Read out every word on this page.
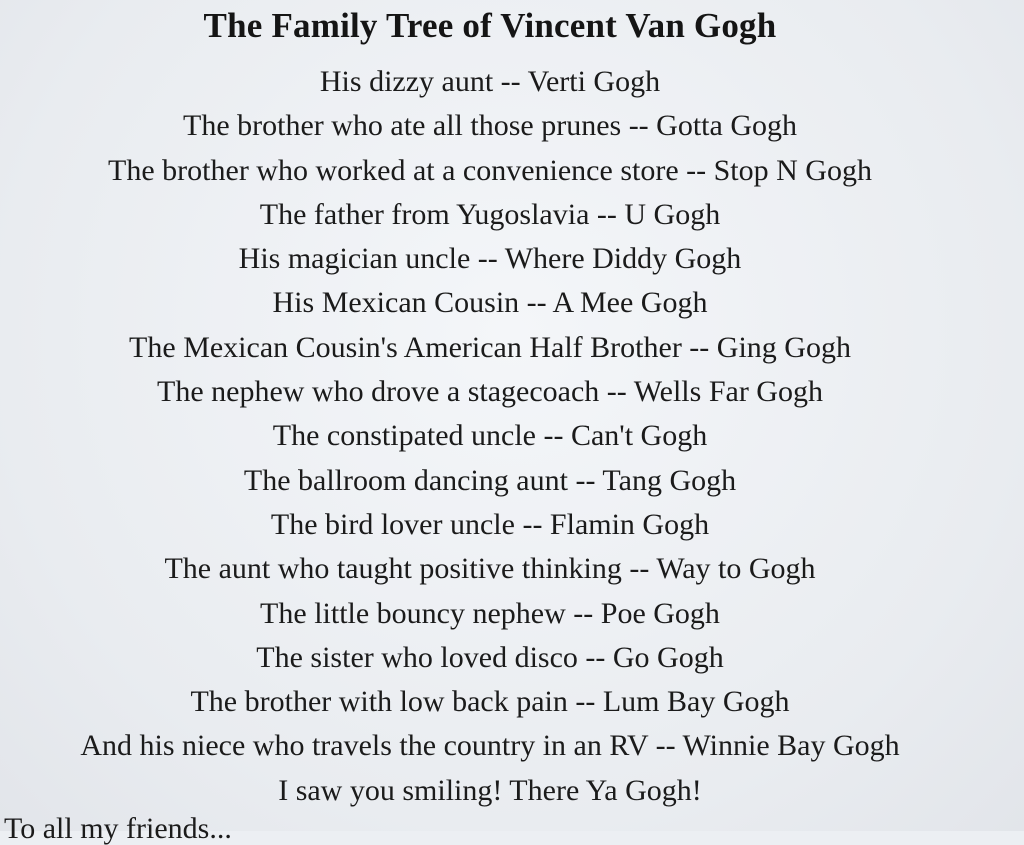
The Family Tree of Vincent Van Gogh
His dizzy aunt -- Verti Gogh
The brother who ate all those prunes -- Gotta Gogh
The brother who worked at a convenience store -- Stop N Gogh
The father from Yugoslavia -- U Gogh
His magician uncle -- Where Diddy Gogh
His Mexican Cousin -- A Mee Gogh
The Mexican Cousin's American Half Brother -- Ging Gogh
The nephew who drove a stagecoach -- Wells Far Gogh
The constipated uncle -- Can't Gogh
The ballroom dancing aunt -- Tang Gogh
The bird lover uncle -- Flamin Gogh
The aunt who taught positive thinking -- Way to Gogh
The little bouncy nephew -- Poe Gogh
The sister who loved disco -- Go Gogh
The brother with low back pain -- Lum Bay Gogh
And his niece who travels the country in an RV -- Winnie Bay Gogh
I saw you smiling! There Ya Gogh!
To all my friends...
